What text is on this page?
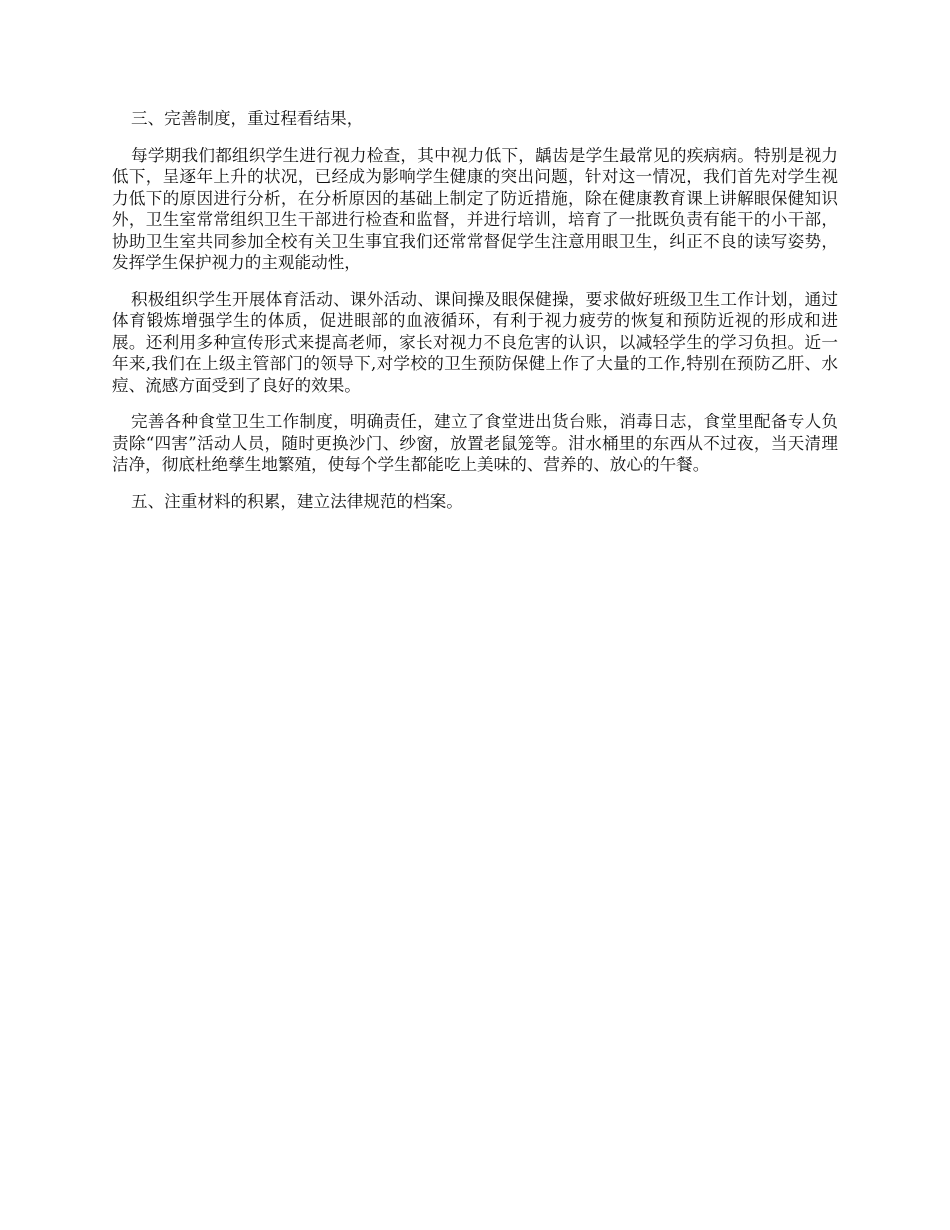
三、完善制度，重过程看结果，

每学期我们都组织学生进行视力检查，其中视力低下，龋齿是学生最常见的疾病病。特别是视力低下，呈逐年上升的状况，已经成为影响学生健康的突出问题，针对这一情况，我们首先对学生视力低下的原因进行分析，在分析原因的基础上制定了防近措施，除在健康教育课上讲解眼保健知识外，卫生室常常组织卫生干部进行检查和监督，并进行培训，培育了一批既负责有能干的小干部，协助卫生室共同参加全校有关卫生事宜我们还常常督促学生注意用眼卫生，纠正不良的读写姿势，发挥学生保护视力的主观能动性，

积极组织学生开展体育活动、课外活动、课间操及眼保健操，要求做好班级卫生工作计划，通过体育锻炼增强学生的体质，促进眼部的血液循环，有利于视力疲劳的恢复和预防近视的形成和进展。还利用多种宣传形式来提高老师，家长对视力不良危害的认识，以减轻学生的学习负担。近一年来,我们在上级主管部门的领导下,对学校的卫生预防保健上作了大量的工作,特别在预防乙肝、水痘、流感方面受到了良好的效果。

完善各种食堂卫生工作制度，明确责任，建立了食堂进出货台账，消毒日志，食堂里配备专人负责除“四害”活动人员，随时更换沙门、纱窗，放置老鼠笼等。泔水桶里的东西从不过夜，当天清理洁净，彻底杜绝孳生地繁殖，使每个学生都能吃上美味的、营养的、放心的午餐。

五、注重材料的积累，建立法律规范的档案。
